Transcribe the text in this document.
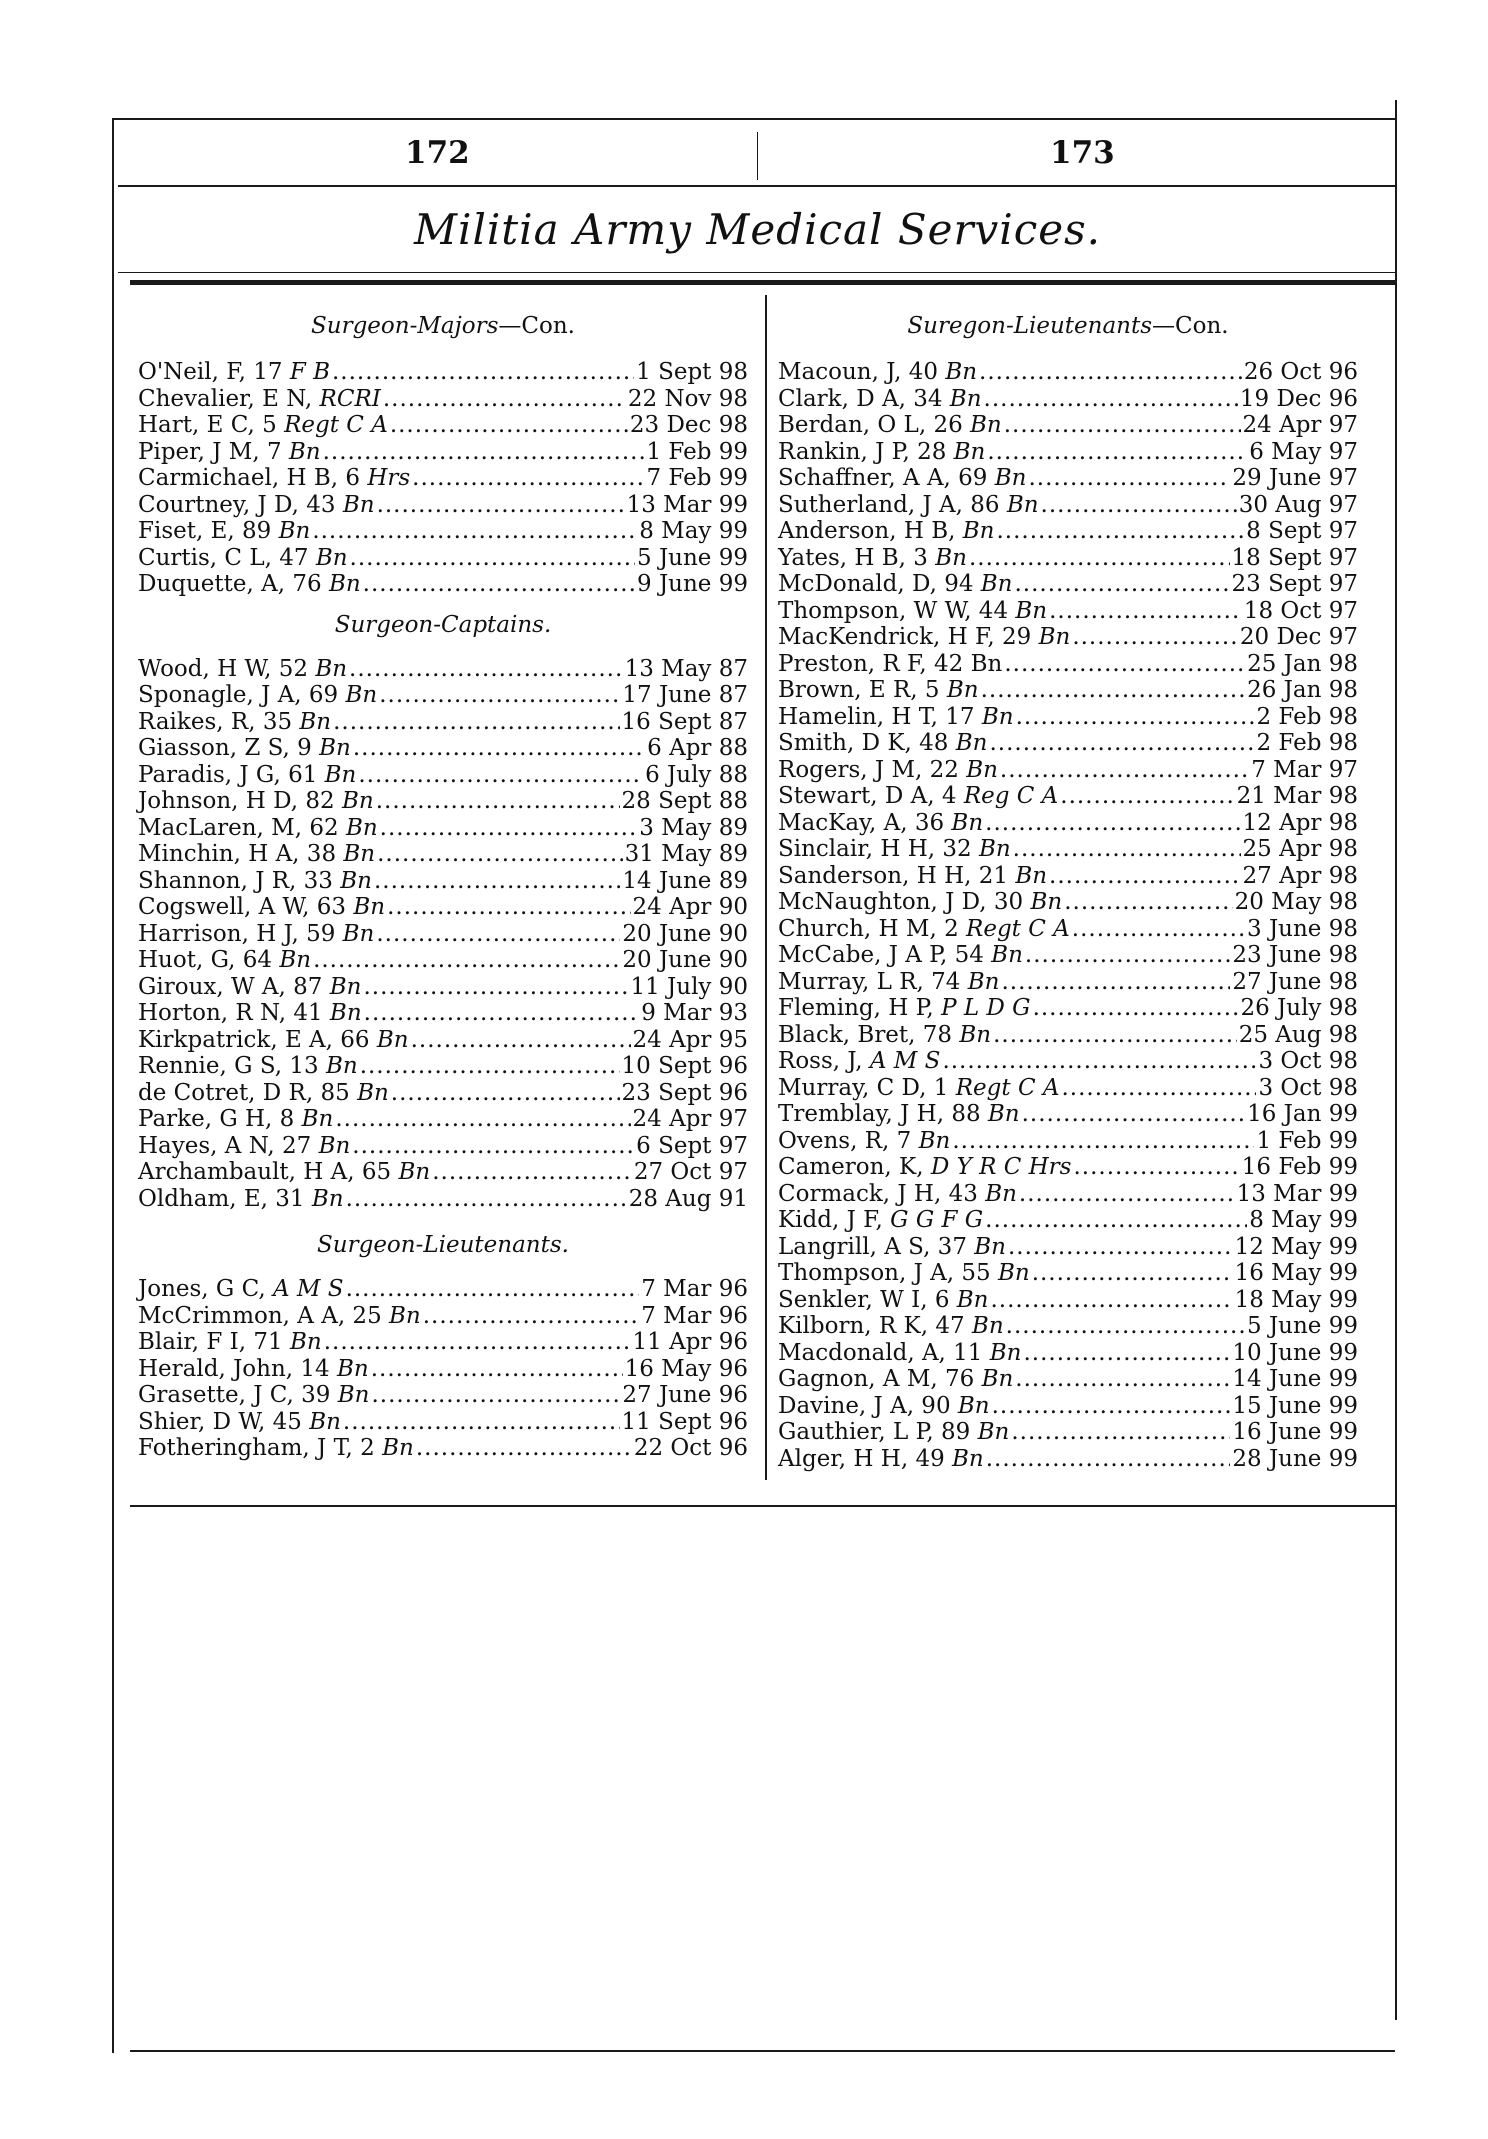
172	173
Militia Army Medical Services.
Surgeon-Majors—Con.
O'Neil, F, 17 F B .....	1 Sept 98
Chevalier, E N, RCRI .....	22 Nov 98
Hart, E C, 5 Regt C A .....	23 Dec 98
Piper, J M, 7 Bn .....	1 Feb 99
Carmichael, H B, 6 Hrs .....	7 Feb 99
Courtney, J D, 43 Bn .....	13 Mar 99
Fiset, E, 89 Bn .....	8 May 99
Curtis, C L, 47 Bn .....	5 June 99
Duquette, A, 76 Bn .....	9 June 99
Surgeon-Captains.
Wood, H W, 52 Bn .....	13 May 87
Sponagle, J A, 69 Bn .....	17 June 87
Raikes, R, 35 Bn .....	16 Sept 87
Giasson, Z S, 9 Bn .....	6 Apr 88
Paradis, J G, 61 Bn .....	6 July 88
Johnson, H D, 82 Bn .....	28 Sept 88
MacLaren, M, 62 Bn .....	3 May 89
Minchin, H A, 38 Bn .....	31 May 89
Shannon, J R, 33 Bn .....	14 June 89
Cogswell, A W, 63 Bn .....	24 Apr 90
Harrison, H J, 59 Bn .....	20 June 90
Huot, G, 64 Bn .....	20 June 90
Giroux, W A, 87 Bn .....	11 July 90
Horton, R N, 41 Bn .....	9 Mar 93
Kirkpatrick, E A, 66 Bn .....	24 Apr 95
Rennie, G S, 13 Bn .....	10 Sept 96
de Cotret, D R, 85 Bn .....	23 Sept 96
Parke, G H, 8 Bn .....	24 Apr 97
Hayes, A N, 27 Bn .....	6 Sept 97
Archambault, H A, 65 Bn .....	27 Oct 97
Oldham, E, 31 Bn .....	28 Aug 91
Surgeon-Lieutenants.
Jones, G C, A M S .....	7 Mar 96
McCrimmon, A A, 25 Bn .....	7 Mar 96
Blair, F I, 71 Bn .....	11 Apr 96
Herald, John, 14 Bn .....	16 May 96
Grasette, J C, 39 Bn .....	27 June 96
Shier, D W, 45 Bn .....	11 Sept 96
Fotheringham, J T, 2 Bn .....	22 Oct 96
Suregon-Lieutenants—Con.
Macoun, J, 40 Bn .....	26 Oct 96
Clark, D A, 34 Bn .....	19 Dec 96
Berdan, O L, 26 Bn .....	24 Apr 97
Rankin, J P, 28 Bn .....	6 May 97
Schaffner, A A, 69 Bn .....	29 June 97
Sutherland, J A, 86 Bn .....	30 Aug 97
Anderson, H B, Bn .....	8 Sept 97
Yates, H B, 3 Bn .....	18 Sept 97
McDonald, D, 94 Bn .....	23 Sept 97
Thompson, W W, 44 Bn .....	18 Oct 97
MacKendrick, H F, 29 Bn .....	20 Dec 97
Preston, R F, 42 Bn .....	25 Jan 98
Brown, E R, 5 Bn .....	26 Jan 98
Hamelin, H T, 17 Bn .....	2 Feb 98
Smith, D K, 48 Bn .....	2 Feb 98
Rogers, J M, 22 Bn .....	7 Mar 97
Stewart, D A, 4 Reg C A .....	21 Mar 98
MacKay, A, 36 Bn .....	12 Apr 98
Sinclair, H H, 32 Bn .....	25 Apr 98
Sanderson, H H, 21 Bn .....	27 Apr 98
McNaughton, J D, 30 Bn .....	20 May 98
Church, H M, 2 Regt C A .....	3 June 98
McCabe, J A P, 54 Bn .....	23 June 98
Murray, L R, 74 Bn .....	27 June 98
Fleming, H P, P L D G .....	26 July 98
Black, Bret, 78 Bn .....	25 Aug 98
Ross, J, A M S .....	3 Oct 98
Murray, C D, 1 Regt C A .....	3 Oct 98
Tremblay, J H, 88 Bn .....	16 Jan 99
Ovens, R, 7 Bn .....	1 Feb 99
Cameron, K, D Y R C Hrs .....	16 Feb 99
Cormack, J H, 43 Bn .....	13 Mar 99
Kidd, J F, G G F G .....	8 May 99
Langrill, A S, 37 Bn .....	12 May 99
Thompson, J A, 55 Bn .....	16 May 99
Senkler, W I, 6 Bn .....	18 May 99
Kilborn, R K, 47 Bn .....	5 June 99
Macdonald, A, 11 Bn .....	10 June 99
Gagnon, A M, 76 Bn .....	14 June 99
Davine, J A, 90 Bn .....	15 June 99
Gauthier, L P, 89 Bn .....	16 June 99
Alger, H H, 49 Bn .....	28 June 99
